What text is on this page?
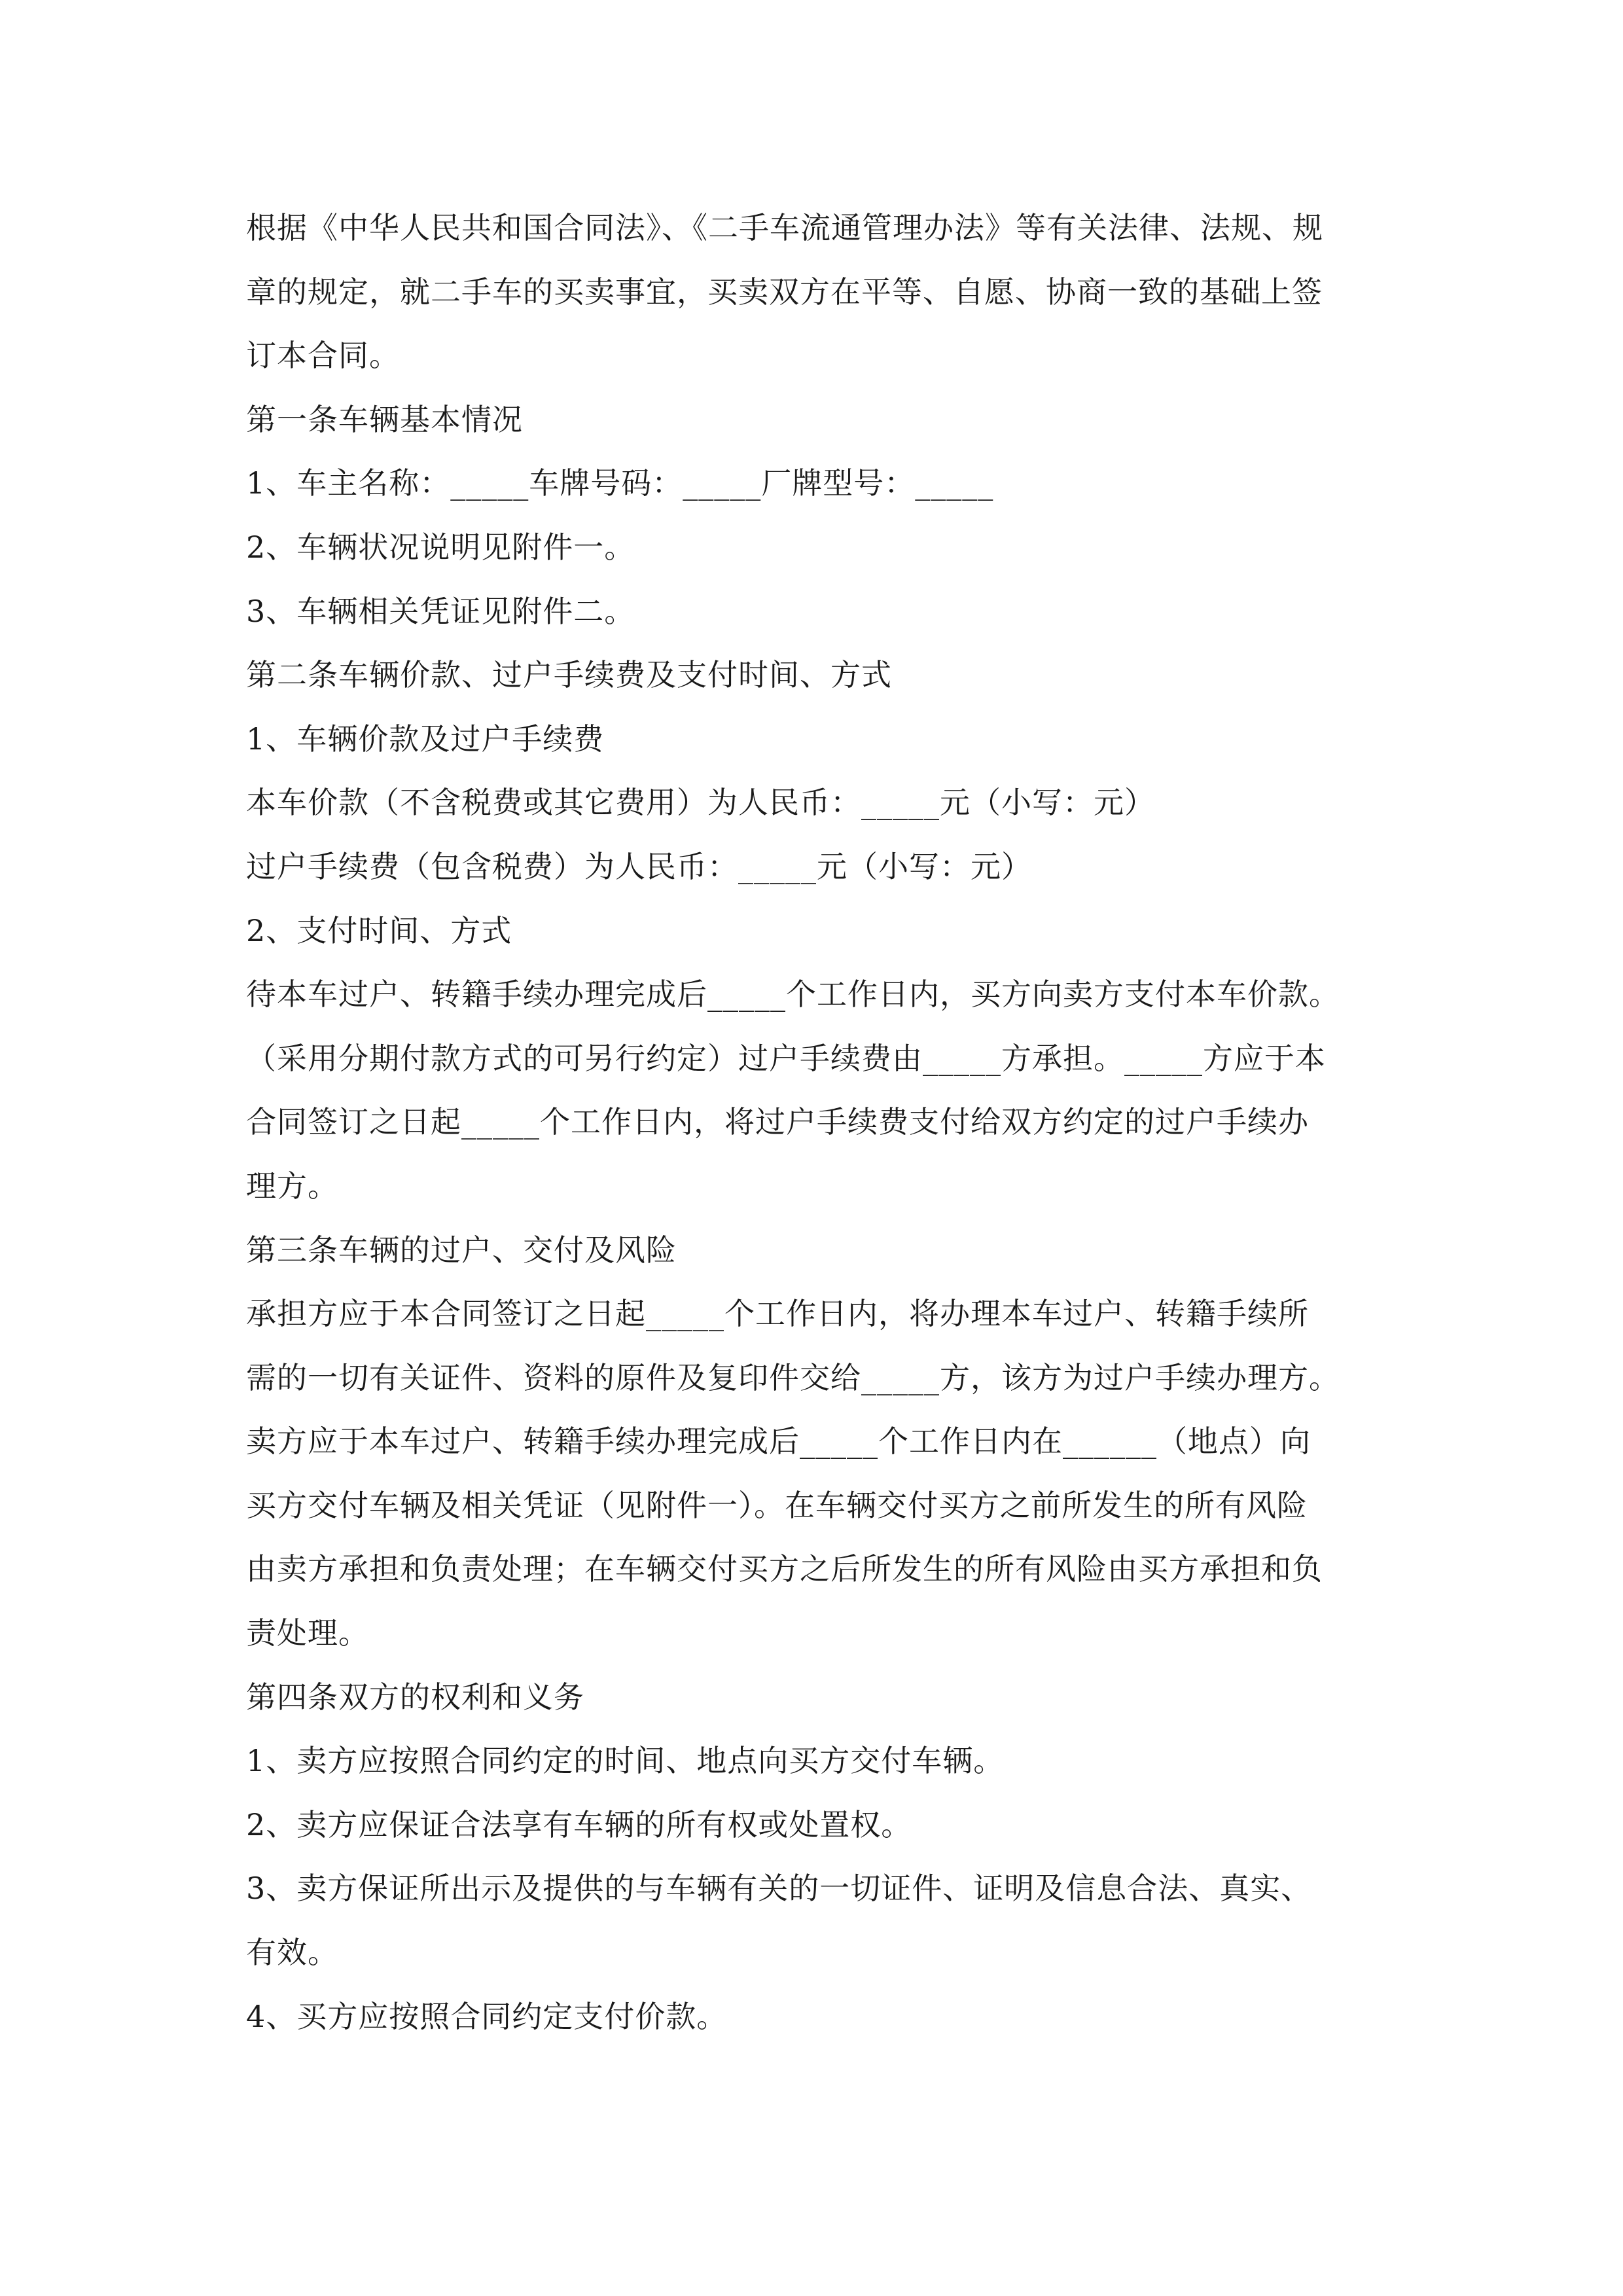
根据《中华人民共和国合同法》、《二手车流通管理办法》等有关法律、法规、规
章的规定，就二手车的买卖事宜，买卖双方在平等、自愿、协商一致的基础上签
订本合同。
第一条车辆基本情况
1、车主名称：_____车牌号码：_____厂牌型号：_____
2、车辆状况说明见附件一。
3、车辆相关凭证见附件二。
第二条车辆价款、过户手续费及支付时间、方式
1、车辆价款及过户手续费
本车价款（不含税费或其它费用）为人民币：_____元（小写：元）
过户手续费（包含税费）为人民币：_____元（小写：元）
2、支付时间、方式
待本车过户、转籍手续办理完成后_____个工作日内，买方向卖方支付本车价款。
（采用分期付款方式的可另行约定）过户手续费由_____方承担。_____方应于本
合同签订之日起_____个工作日内，将过户手续费支付给双方约定的过户手续办
理方。
第三条车辆的过户、交付及风险
承担方应于本合同签订之日起_____个工作日内，将办理本车过户、转籍手续所
需的一切有关证件、资料的原件及复印件交给_____方，该方为过户手续办理方。
卖方应于本车过户、转籍手续办理完成后_____个工作日内在______（地点）向
买方交付车辆及相关凭证（见附件一）。在车辆交付买方之前所发生的所有风险
由卖方承担和负责处理；在车辆交付买方之后所发生的所有风险由买方承担和负
责处理。
第四条双方的权利和义务
1、卖方应按照合同约定的时间、地点向买方交付车辆。
2、卖方应保证合法享有车辆的所有权或处置权。
3、卖方保证所出示及提供的与车辆有关的一切证件、证明及信息合法、真实、
有效。
4、买方应按照合同约定支付价款。
